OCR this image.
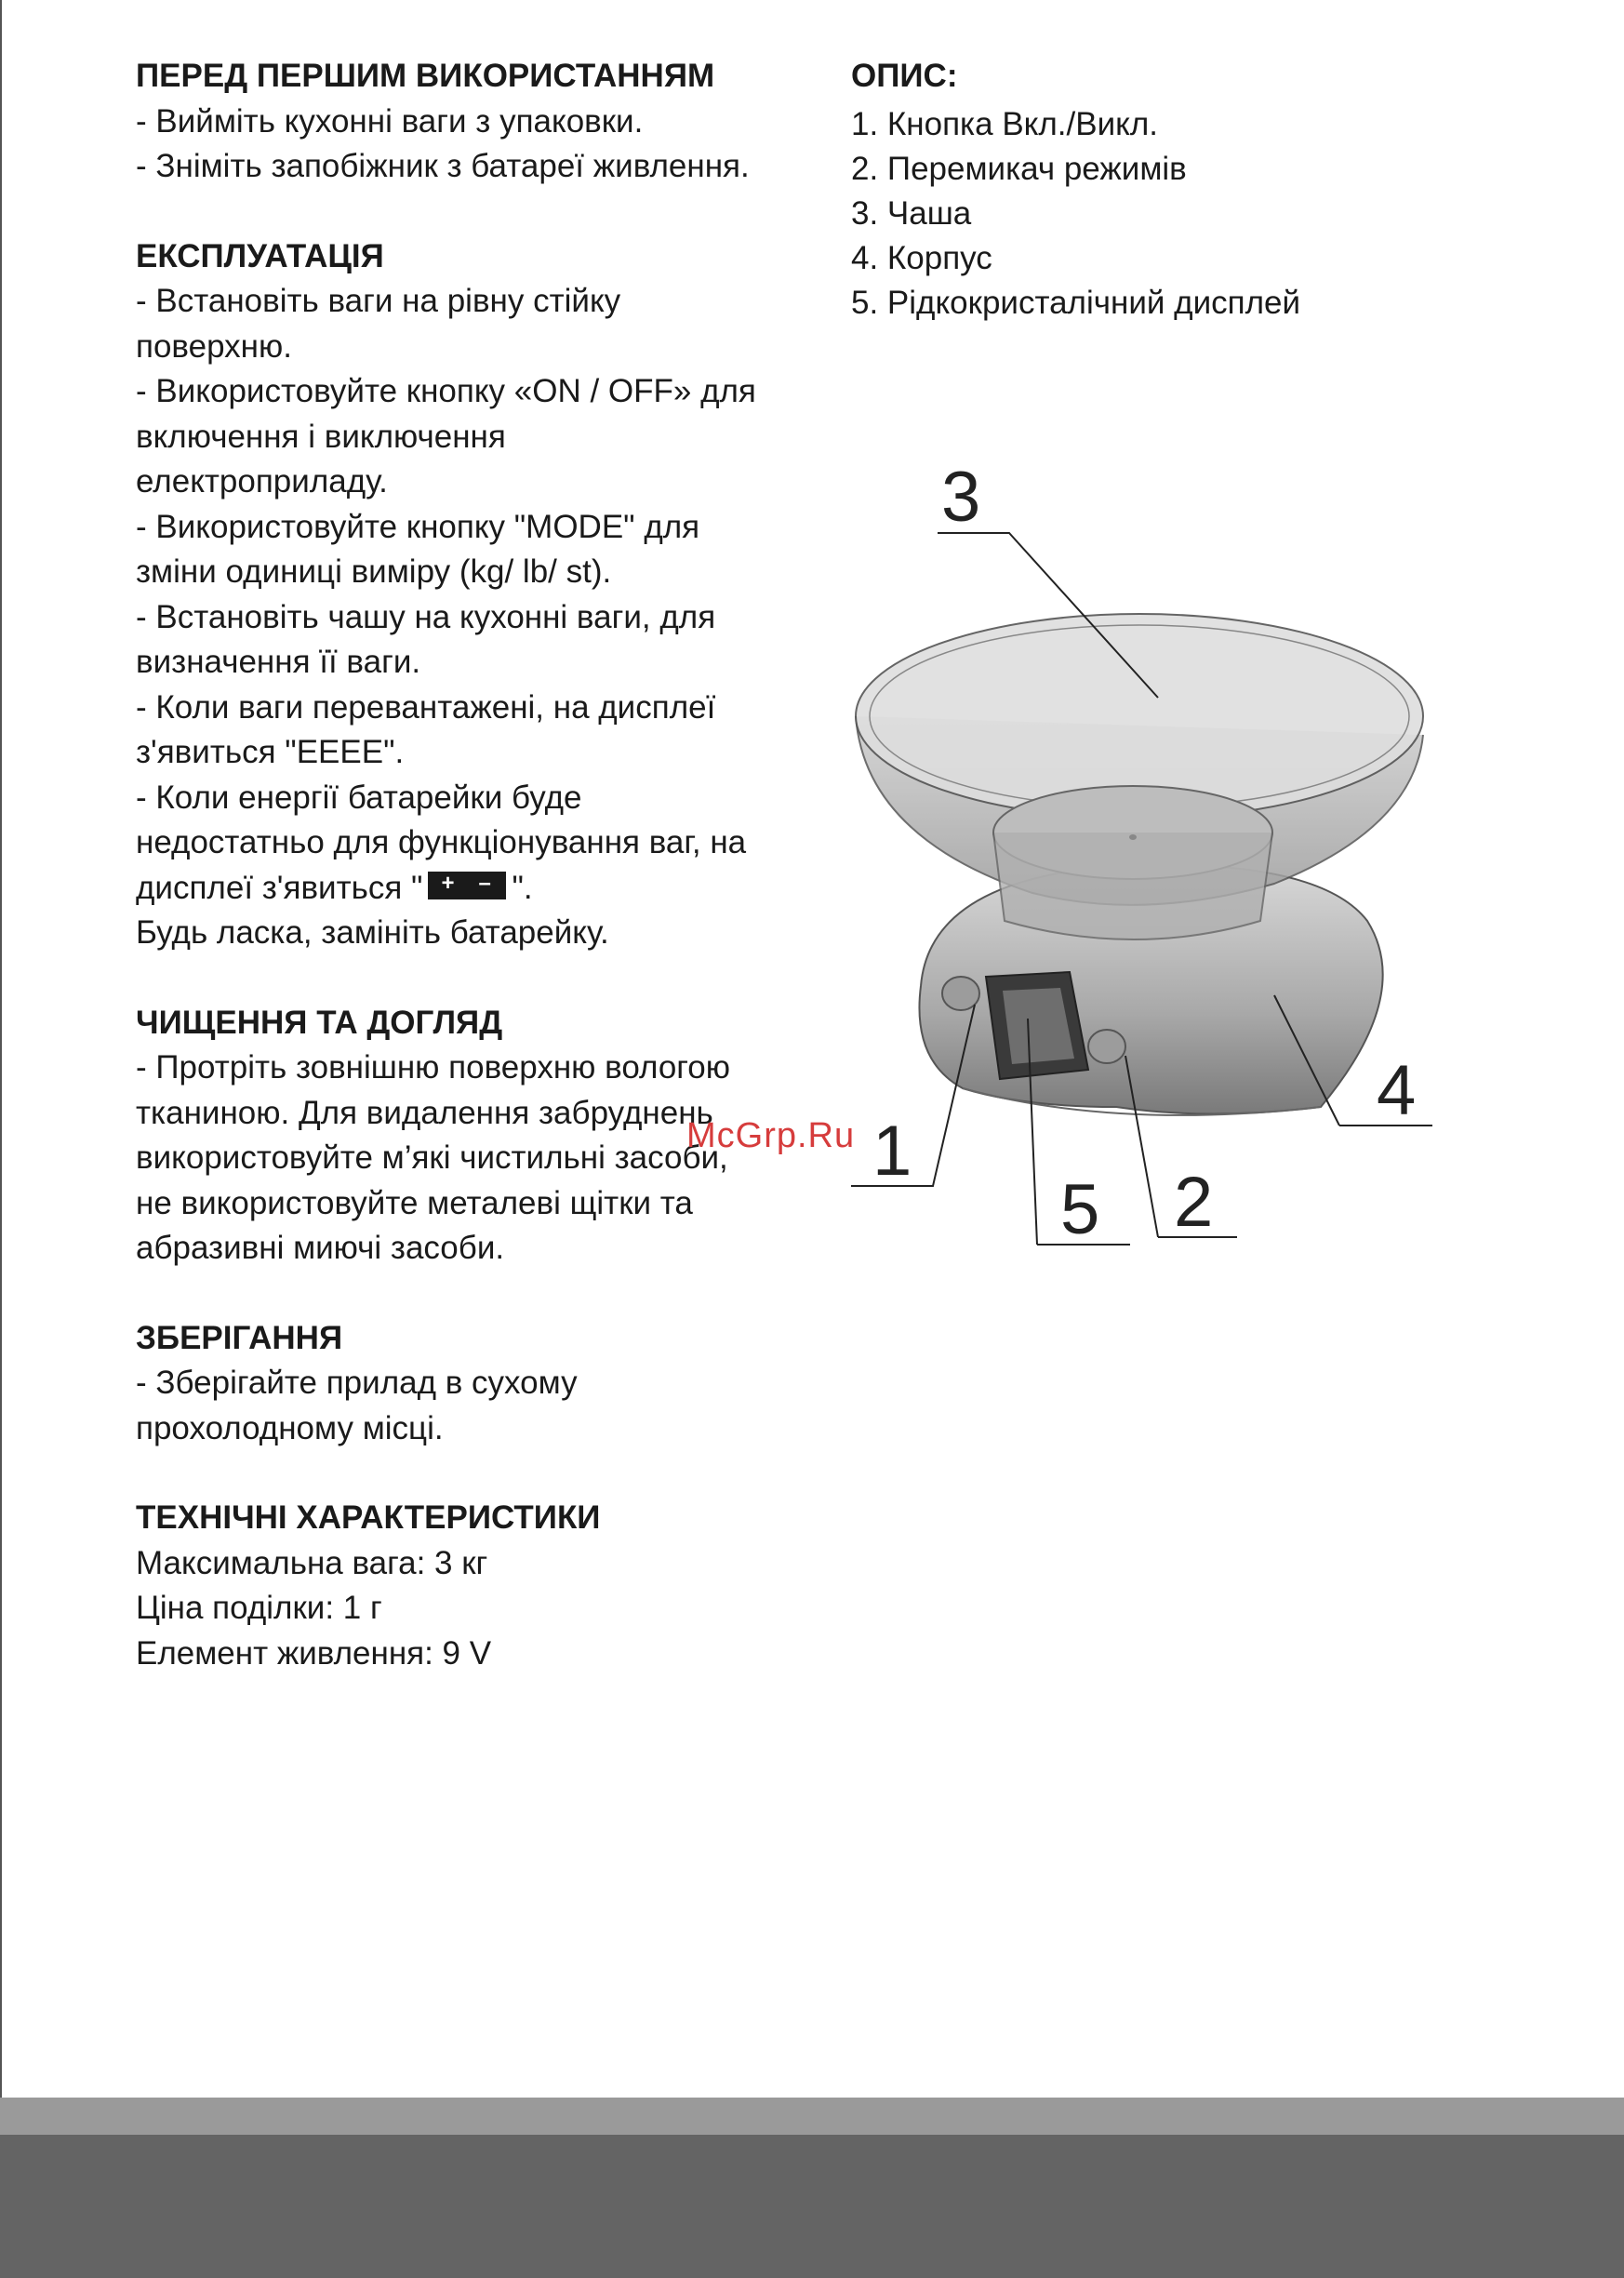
ПЕРЕД ПЕРШИМ ВИКОРИСТАННЯМ
- Вийміть кухонні ваги з упаковки.
- Зніміть запобіжник з батареї живлення.
ЕКСПЛУАТАЦІЯ
- Встановіть ваги на рівну стійку
поверхню.
- Використовуйте кнопку «ON / OFF» для
включення і виключення
електроприладу.
- Використовуйте кнопку "MODE" для
зміни одиниці виміру (kg/ lb/ st).
- Встановіть чашу на кухонні ваги, для
визначення її ваги.
- Коли ваги перевантажені, на дисплеї
з'явиться "EEEE".
- Коли енергії батарейки буде
недостатньо для функціонування ваг, на
дисплеї з'явиться " + – ".
Будь ласка, замініть батарейку.
ЧИЩЕННЯ ТА ДОГЛЯД
- Протріть зовнішню поверхню вологою
тканиною. Для видалення забруднень
використовуйте м’які чистильні засоби,
не використовуйте металеві щітки та
абразивні миючі засоби.
ЗБЕРІГАННЯ
- Зберігайте прилад в сухому
прохолодному місці.
ТЕХНІЧНІ ХАРАКТЕРИСТИКИ
Максимальна вага: 3 кг
Ціна поділки: 1 г
Елемент живлення: 9 V
ОПИС:
1. Кнопка Вкл./Викл.
2. Перемикач режимів
3. Чаша
4. Корпус
5. Рідкокристалічний дисплей
3
4
1
5 2
McGrp.Ru
